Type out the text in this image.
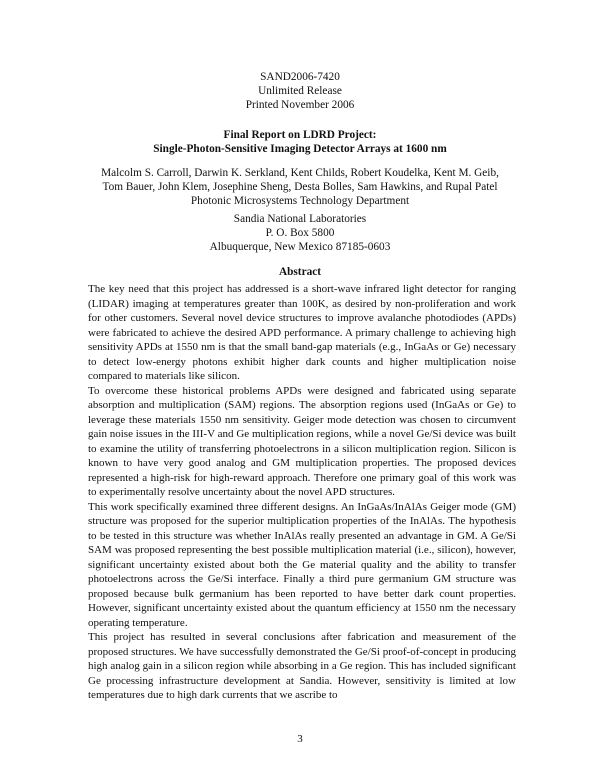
SAND2006-7420
Unlimited Release
Printed November 2006
Final Report on LDRD Project:
Single-Photon-Sensitive Imaging Detector Arrays at 1600 nm
Malcolm S. Carroll, Darwin K. Serkland, Kent Childs, Robert Koudelka, Kent M. Geib,
Tom Bauer, John Klem, Josephine Sheng, Desta Bolles, Sam Hawkins, and Rupal Patel
Photonic Microsystems Technology Department
Sandia National Laboratories
P. O. Box 5800
Albuquerque, New Mexico 87185-0603
Abstract

The key need that this project has addressed is a short-wave infrared light detector for ranging (LIDAR) imaging at temperatures greater than 100K, as desired by non-proliferation and work for other customers. Several novel device structures to improve avalanche photodiodes (APDs) were fabricated to achieve the desired APD performance. A primary challenge to achieving high sensitivity APDs at 1550 nm is that the small band-gap materials (e.g., InGaAs or Ge) necessary to detect low-energy photons exhibit higher dark counts and higher multiplication noise compared to materials like silicon.

To overcome these historical problems APDs were designed and fabricated using separate absorption and multiplication (SAM) regions. The absorption regions used (InGaAs or Ge) to leverage these materials 1550 nm sensitivity. Geiger mode detection was chosen to circumvent gain noise issues in the III-V and Ge multiplication regions, while a novel Ge/Si device was built to examine the utility of transferring photoelectrons in a silicon multiplication region. Silicon is known to have very good analog and GM multiplication properties. The proposed devices represented a high-risk for high-reward approach. Therefore one primary goal of this work was to experimentally resolve uncertainty about the novel APD structures.

This work specifically examined three different designs. An InGaAs/InAlAs Geiger mode (GM) structure was proposed for the superior multiplication properties of the InAlAs. The hypothesis to be tested in this structure was whether InAlAs really presented an advantage in GM. A Ge/Si SAM was proposed representing the best possible multiplication material (i.e., silicon), however, significant uncertainty existed about both the Ge material quality and the ability to transfer photoelectrons across the Ge/Si interface. Finally a third pure germanium GM structure was proposed because bulk germanium has been reported to have better dark count properties. However, significant uncertainty existed about the quantum efficiency at 1550 nm the necessary operating temperature.

This project has resulted in several conclusions after fabrication and measurement of the proposed structures. We have successfully demonstrated the Ge/Si proof-of-concept in producing high analog gain in a silicon region while absorbing in a Ge region. This has included significant Ge processing infrastructure development at Sandia. However, sensitivity is limited at low temperatures due to high dark currents that we ascribe to

3
